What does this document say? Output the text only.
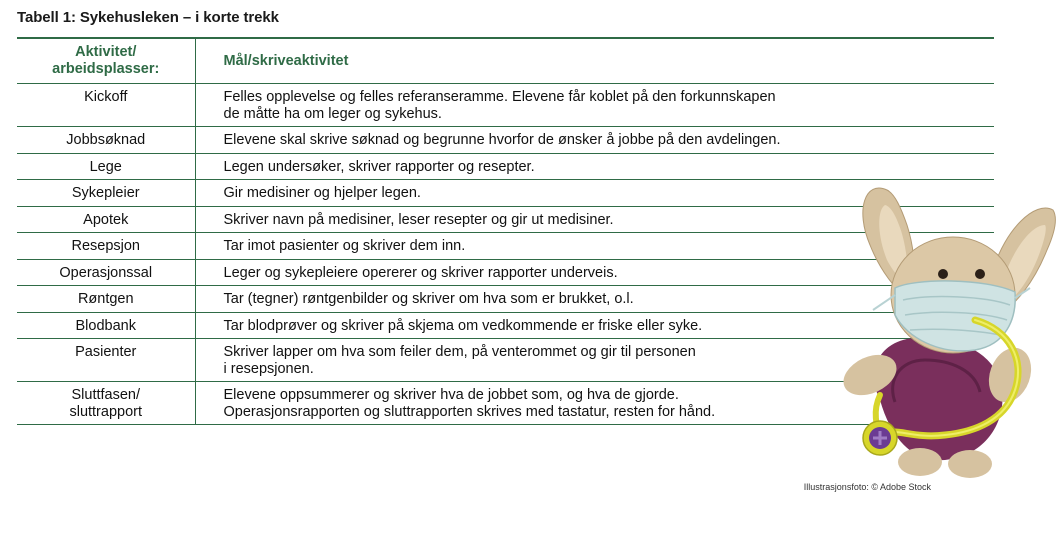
Tabell 1: Sykehusleken – i korte trekk
Aktivitet/
arbeidsplasser:	Mål/skriveaktivitet
Kickoff	Felles opplevelse og felles referanseramme. Elevene får koblet på den forkunnskapen
de måtte ha om leger og sykehus.
Jobbsøknad	Elevene skal skrive søknad og begrunne hvorfor de ønsker å jobbe på den avdelingen.
Lege	Legen undersøker, skriver rapporter og resepter.
Sykepleier	Gir medisiner og hjelper legen.
Apotek	Skriver navn på medisiner, leser resepter og gir ut medisiner.
Resepsjon	Tar imot pasienter og skriver dem inn.
Operasjonssal	Leger og sykepleiere opererer og skriver rapporter underveis.
Røntgen	Tar (tegner) røntgenbilder og skriver om hva som er brukket, o.l.
Blodbank	Tar blodprøver og skriver på skjema om vedkommende er friske eller syke.
Pasienter	Skriver lapper om hva som feiler dem, på venterommet og gir til personen
i resepsjonen.
Sluttfasen/
sluttrapport	Elevene oppsummerer og skriver hva de jobbet som, og hva de gjorde.
Operasjonsrapporten og sluttrapporten skrives med tastatur, resten for hånd.
Illustrasjonsfoto: © Adobe Stock
